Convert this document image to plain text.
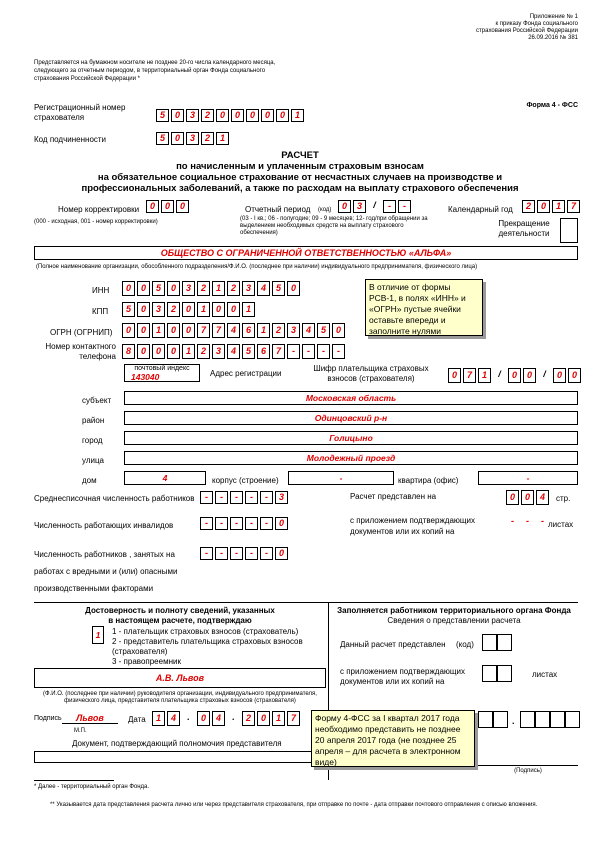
Приложение № 1
к приказу Фонда социального
страхования Российской Федерации
26.09.2016 № 381
Представляется на бумажном носителе не позднее 20-го числа календарного месяца,
следующего за отчетным периодом, в территориальный орган Фонда социального
страхования Российской Федерации *
Форма 4 - ФСС
Регистрационный номер
страхователя	5	0	3	2	0	0	0	0	0	1
Код подчиненности	5	0	3	2	1
РАСЧЕТ
по начисленным и уплаченным страховым взносам
на обязательное социальное страхование от несчастных случаев на производстве и
профессиональных заболеваний, а также по расходам на выплату страхового обеспечения
Номер корректировки	0	0	0
(000 - исходная, 001 - номер корректировки)
Отчетный период (код)	0	3	/	-	-
(03 - I кв.; 06 - полугодие; 09 - 9 месяцев; 12- год/при обращении за
выделением необходимых средств на выплату страхового
обеспечения)
Календарный год	2	0	1	7
Прекращение
деятельности
ОБЩЕСТВО С ОГРАНИЧЕННОЙ ОТВЕТСТВЕННОСТЬЮ «АЛЬФА»
(Полное наименование организации, обособленного подразделения/Ф.И.О. (последнее при наличии) индивидуального предпринимателя, физического лица)
ИНН	0	0	5	0	3	2	1	2	3	4	5	0
КПП	5	0	3	2	0	1	0	0	1
ОГРН (ОГРНИП)	0	0	1	0	0	7	7	4	6	1	2	3	4	5	0
Номер контактного
телефона	8	0	0	0	1	2	3	4	5	6	7	-	-	-	-
В отличие от формы РСВ-1, в полях «ИНН» и «ОГРН» пустые ячейки оставьте впереди и заполните нулями
почтовый индекс
143040	Адрес регистрации
Шифр плательщика страховых
взносов (страхователя)	0	7	1	/	0	0	/	0	0
субъект	Московская область
район	Одинцовский р-н
город	Голицыно
улица	Молодежный проезд
дом	4	корпус (строение)	-	квартира (офис)	-
Среднесписочная численность работников	-	-	-	-	-	3
Численность работающих инвалидов	-	-	-	-	-	0
Численность работников , занятых на
работах с вредными и (или) опасными
производственными факторами
-	-	-	-	-	0
Расчет представлен на	0	0	4	стр.
с приложением подтверждающих
документов или их копий на
-	-	- листах
Достоверность и полноту сведений, указанных
в настоящем расчете, подтверждаю
1	1 - плательщик страховых взносов (страхователь)
2 - представитель плательщика страховых взносов
(страхователя)
3 - правопреемник
А.В. Львов
(Ф.И.О. (последнее при наличии) руководителя организации, индивидуального предпринимателя,
физического лица, представителя плательщика страховых взносов (страхователя)
Подпись	Львов
М.П.
Дата	1	4	.	0	4	.	2	0	1	7
Документ, подтверждающий полномочия представителя
Заполняется работником территориального органа Фонда
Сведения о представлении расчета
Данный расчет представлен (код)
с приложением подтверждающих
документов или их копий на
листах
.
(Подпись)
Форму 4-ФСС за I квартал 2017 года необходимо представить не позднее 20 апреля 2017 года (не позднее 25 апреля – для расчета в электронном виде)
* Далее - территориальный орган Фонда.
** Указывается дата представления расчета лично или через представителя страхователя, при отправке по почте - дата отправки почтового отправления с описью вложения.
